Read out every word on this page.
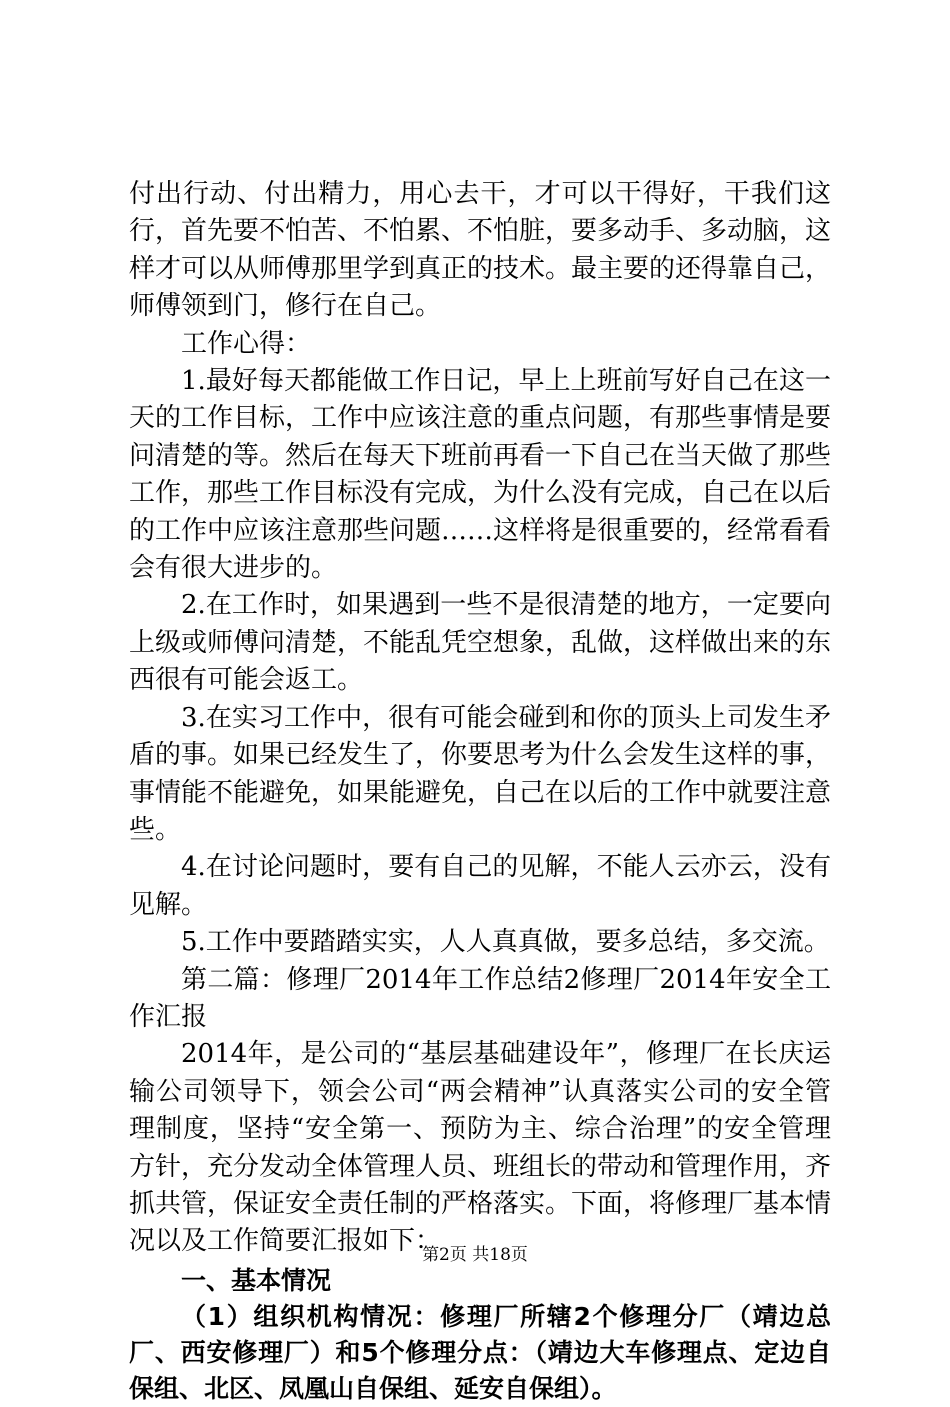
付出行动、付出精力，用心去干，才可以干得好，干我们这行，首先要不怕苦、不怕累、不怕脏，要多动手、多动脑，这样才可以从师傅那里学到真正的技术。最主要的还得靠自己，师傅领到门，修行在自己。

工作心得：

1.最好每天都能做工作日记，早上上班前写好自己在这一天的工作目标，工作中应该注意的重点问题，有那些事情是要问清楚的等。然后在每天下班前再看一下自己在当天做了那些工作，那些工作目标没有完成，为什么没有完成，自己在以后的工作中应该注意那些问题……这样将是很重要的，经常看看会有很大进步的。

2.在工作时，如果遇到一些不是很清楚的地方，一定要向上级或师傅问清楚，不能乱凭空想象，乱做，这样做出来的东西很有可能会返工。

3.在实习工作中，很有可能会碰到和你的顶头上司发生矛盾的事。如果已经发生了，你要思考为什么会发生这样的事，事情能不能避免，如果能避免，自己在以后的工作中就要注意些。

4.在讨论问题时，要有自己的见解，不能人云亦云，没有见解。

5.工作中要踏踏实实，人人真真做，要多总结，多交流。

第二篇：修理厂2014年工作总结2修理厂2014年安全工作汇报

2014年，是公司的“基层基础建设年”，修理厂在长庆运输公司领导下，领会公司“两会精神”认真落实公司的安全管理制度，坚持“安全第一、预防为主、综合治理”的安全管理方针，充分发动全体管理人员、班组长的带动和管理作用，齐抓共管，保证安全责任制的严格落实。下面，将修理厂基本情况以及工作简要汇报如下：

一、基本情况

（1）组织机构情况：修理厂所辖2个修理分厂（靖边总厂、西安修理厂）和5个修理分点：（靖边大车修理点、定边自保组、北区、凤凰山自保组、延安自保组）。

第2页 共18页
